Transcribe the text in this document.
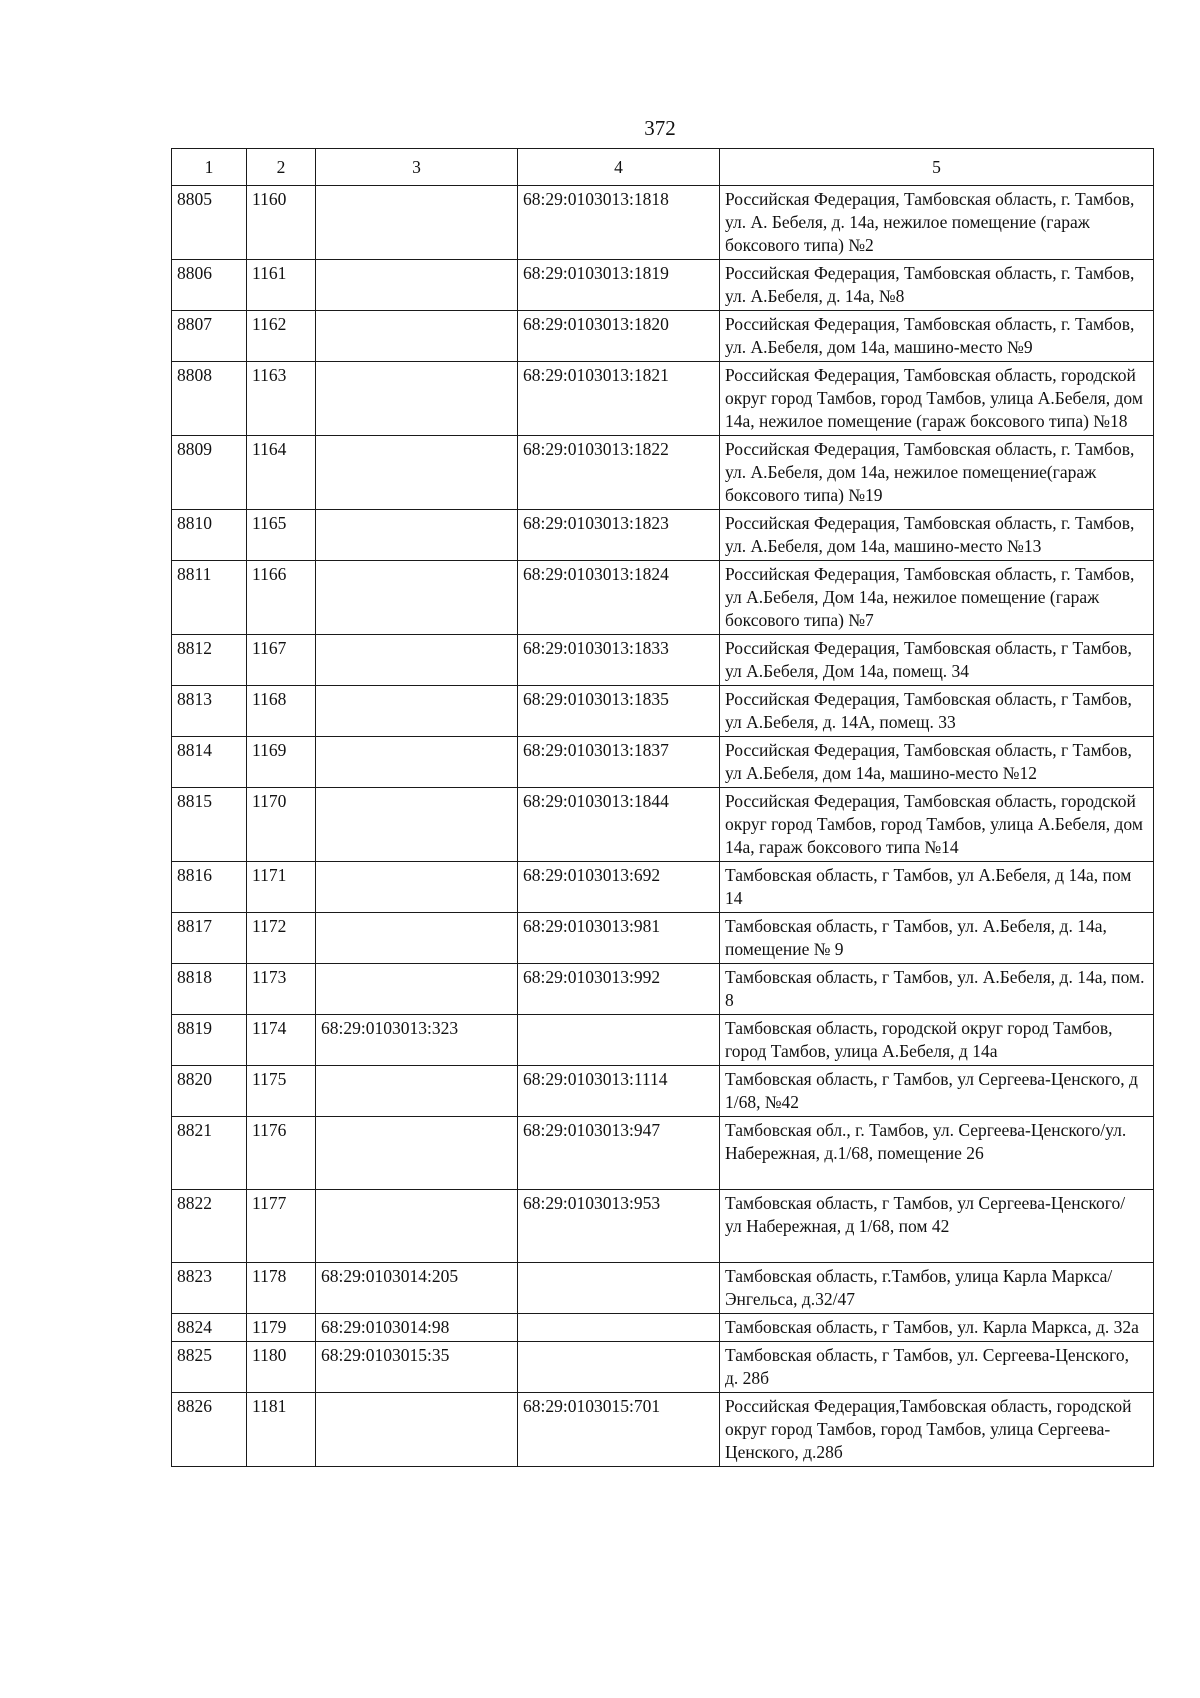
372
1	2	3	4	5
8805	1160		68:29:0103013:1818	Российская Федерация, Тамбовская область, г. Тамбов, ул. А. Бебеля, д. 14а, нежилое помещение (гараж боксового типа) №2
8806	1161		68:29:0103013:1819	Российская Федерация, Тамбовская область, г. Тамбов, ул. А.Бебеля, д. 14а, №8
8807	1162		68:29:0103013:1820	Российская Федерация, Тамбовская область, г. Тамбов, ул. А.Бебеля, дом 14а, машино-место №9
8808	1163		68:29:0103013:1821	Российская Федерация, Тамбовская область, городской округ город Тамбов, город Тамбов, улица А.Бебеля, дом 14а, нежилое помещение (гараж боксового типа) №18
8809	1164		68:29:0103013:1822	Российская Федерация, Тамбовская область, г. Тамбов, ул. А.Бебеля, дом 14а, нежилое помещение(гараж боксового типа) №19
8810	1165		68:29:0103013:1823	Российская Федерация, Тамбовская область, г. Тамбов, ул. А.Бебеля, дом 14а, машино-место №13
8811	1166		68:29:0103013:1824	Российская Федерация, Тамбовская область, г. Тамбов, ул А.Бебеля, Дом 14а, нежилое помещение (гараж боксового типа) №7
8812	1167		68:29:0103013:1833	Российская Федерация, Тамбовская область, г Тамбов, ул А.Бебеля, Дом 14а, помещ. 34
8813	1168		68:29:0103013:1835	Российская Федерация, Тамбовская область, г Тамбов, ул А.Бебеля, д. 14А, помещ. 33
8814	1169		68:29:0103013:1837	Российская Федерация, Тамбовская область, г Тамбов, ул А.Бебеля, дом 14а, машино-место №12
8815	1170		68:29:0103013:1844	Российская Федерация, Тамбовская область, городской округ город Тамбов, город Тамбов, улица А.Бебеля, дом 14а, гараж боксового типа №14
8816	1171		68:29:0103013:692	Тамбовская область, г Тамбов, ул А.Бебеля, д 14а, пом 14
8817	1172		68:29:0103013:981	Тамбовская область, г Тамбов, ул. А.Бебеля, д. 14а, помещение № 9
8818	1173		68:29:0103013:992	Тамбовская область, г Тамбов, ул. А.Бебеля, д. 14а, пом. 8
8819	1174	68:29:0103013:323		Тамбовская область, городской округ город Тамбов, город Тамбов, улица А.Бебеля, д 14а
8820	1175		68:29:0103013:1114	Тамбовская область, г Тамбов, ул Сергеева-Ценского, д 1/68, №42
8821	1176		68:29:0103013:947	Тамбовская обл., г. Тамбов, ул. Сергеева-Ценского/ул. Набережная, д.1/68, помещение 26
8822	1177		68:29:0103013:953	Тамбовская область, г Тамбов, ул Сергеева-Ценского/ ул Набережная, д 1/68, пом 42
8823	1178	68:29:0103014:205		Тамбовская область, г.Тамбов, улица Карла Маркса/Энгельса, д.32/47
8824	1179	68:29:0103014:98		Тамбовская область, г Тамбов, ул. Карла Маркса, д. 32а
8825	1180	68:29:0103015:35		Тамбовская область, г Тамбов, ул. Сергеева-Ценского, д. 28б
8826	1181		68:29:0103015:701	Российская Федерация,Тамбовская область, городской округ город Тамбов, город Тамбов, улица Сергеева-Ценского, д.28б
